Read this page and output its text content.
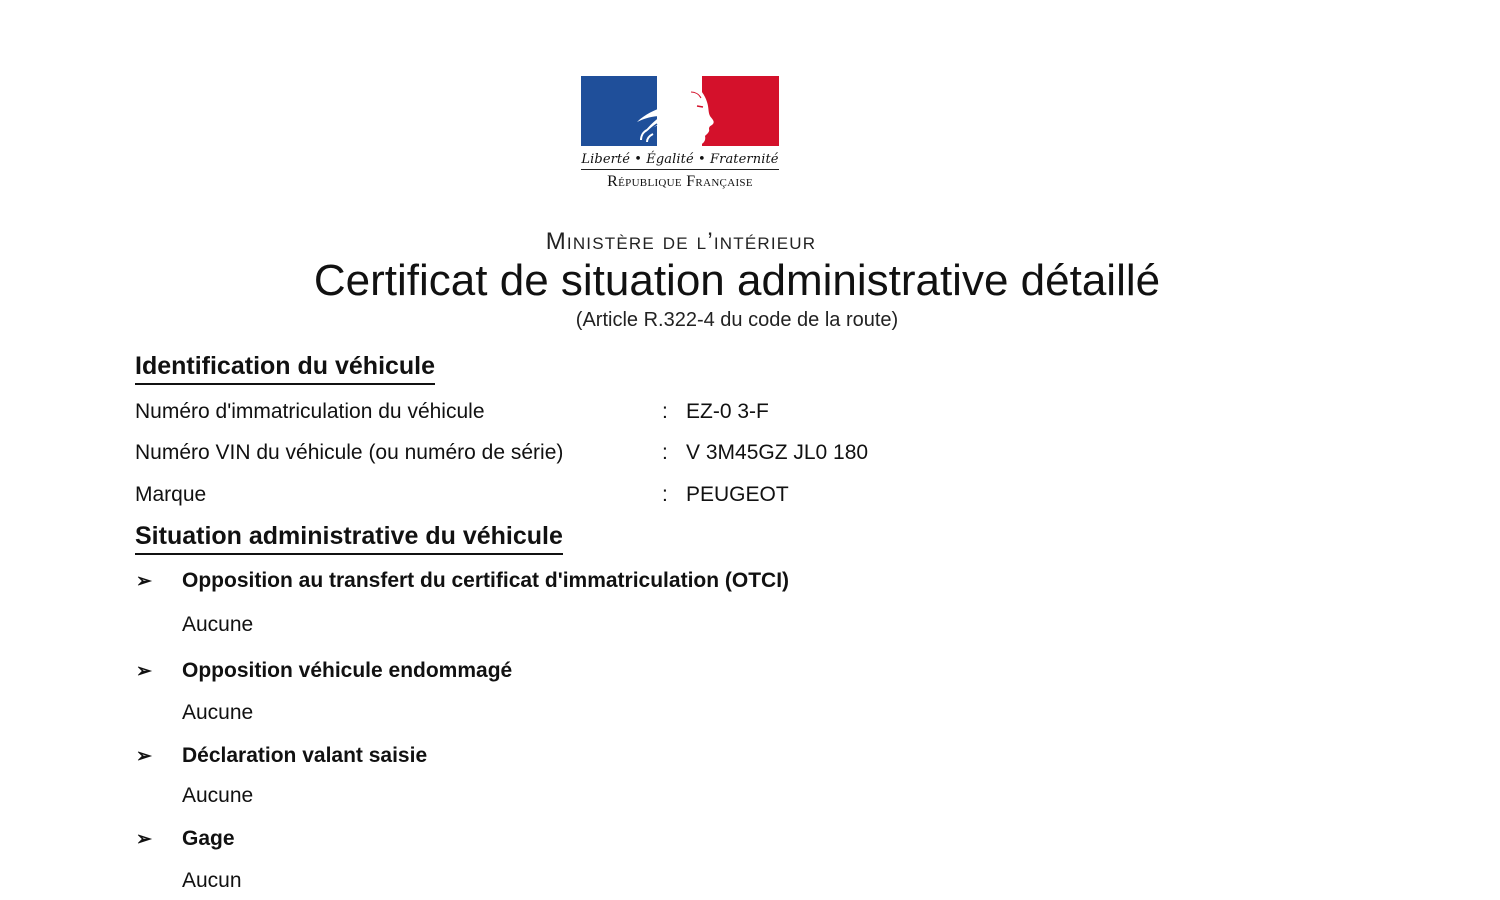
Liberté • Égalité • Fraternité
République Française
Ministère de l’intérieur
Certificat de situation administrative détaillé
(Article R.322-4 du code de la route)
Identification du véhicule
Numéro d'immatriculation du véhicule	: EZ-0 3-F
Numéro VIN du véhicule (ou numéro de série)	: V 3M45GZ JL0 180
Marque	: PEUGEOT
Situation administrative du véhicule
➢ Opposition au transfert du certificat d'immatriculation (OTCI)
Aucune
➢ Opposition véhicule endommagé
Aucune
➢ Déclaration valant saisie
Aucune
➢ Gage
Aucun
